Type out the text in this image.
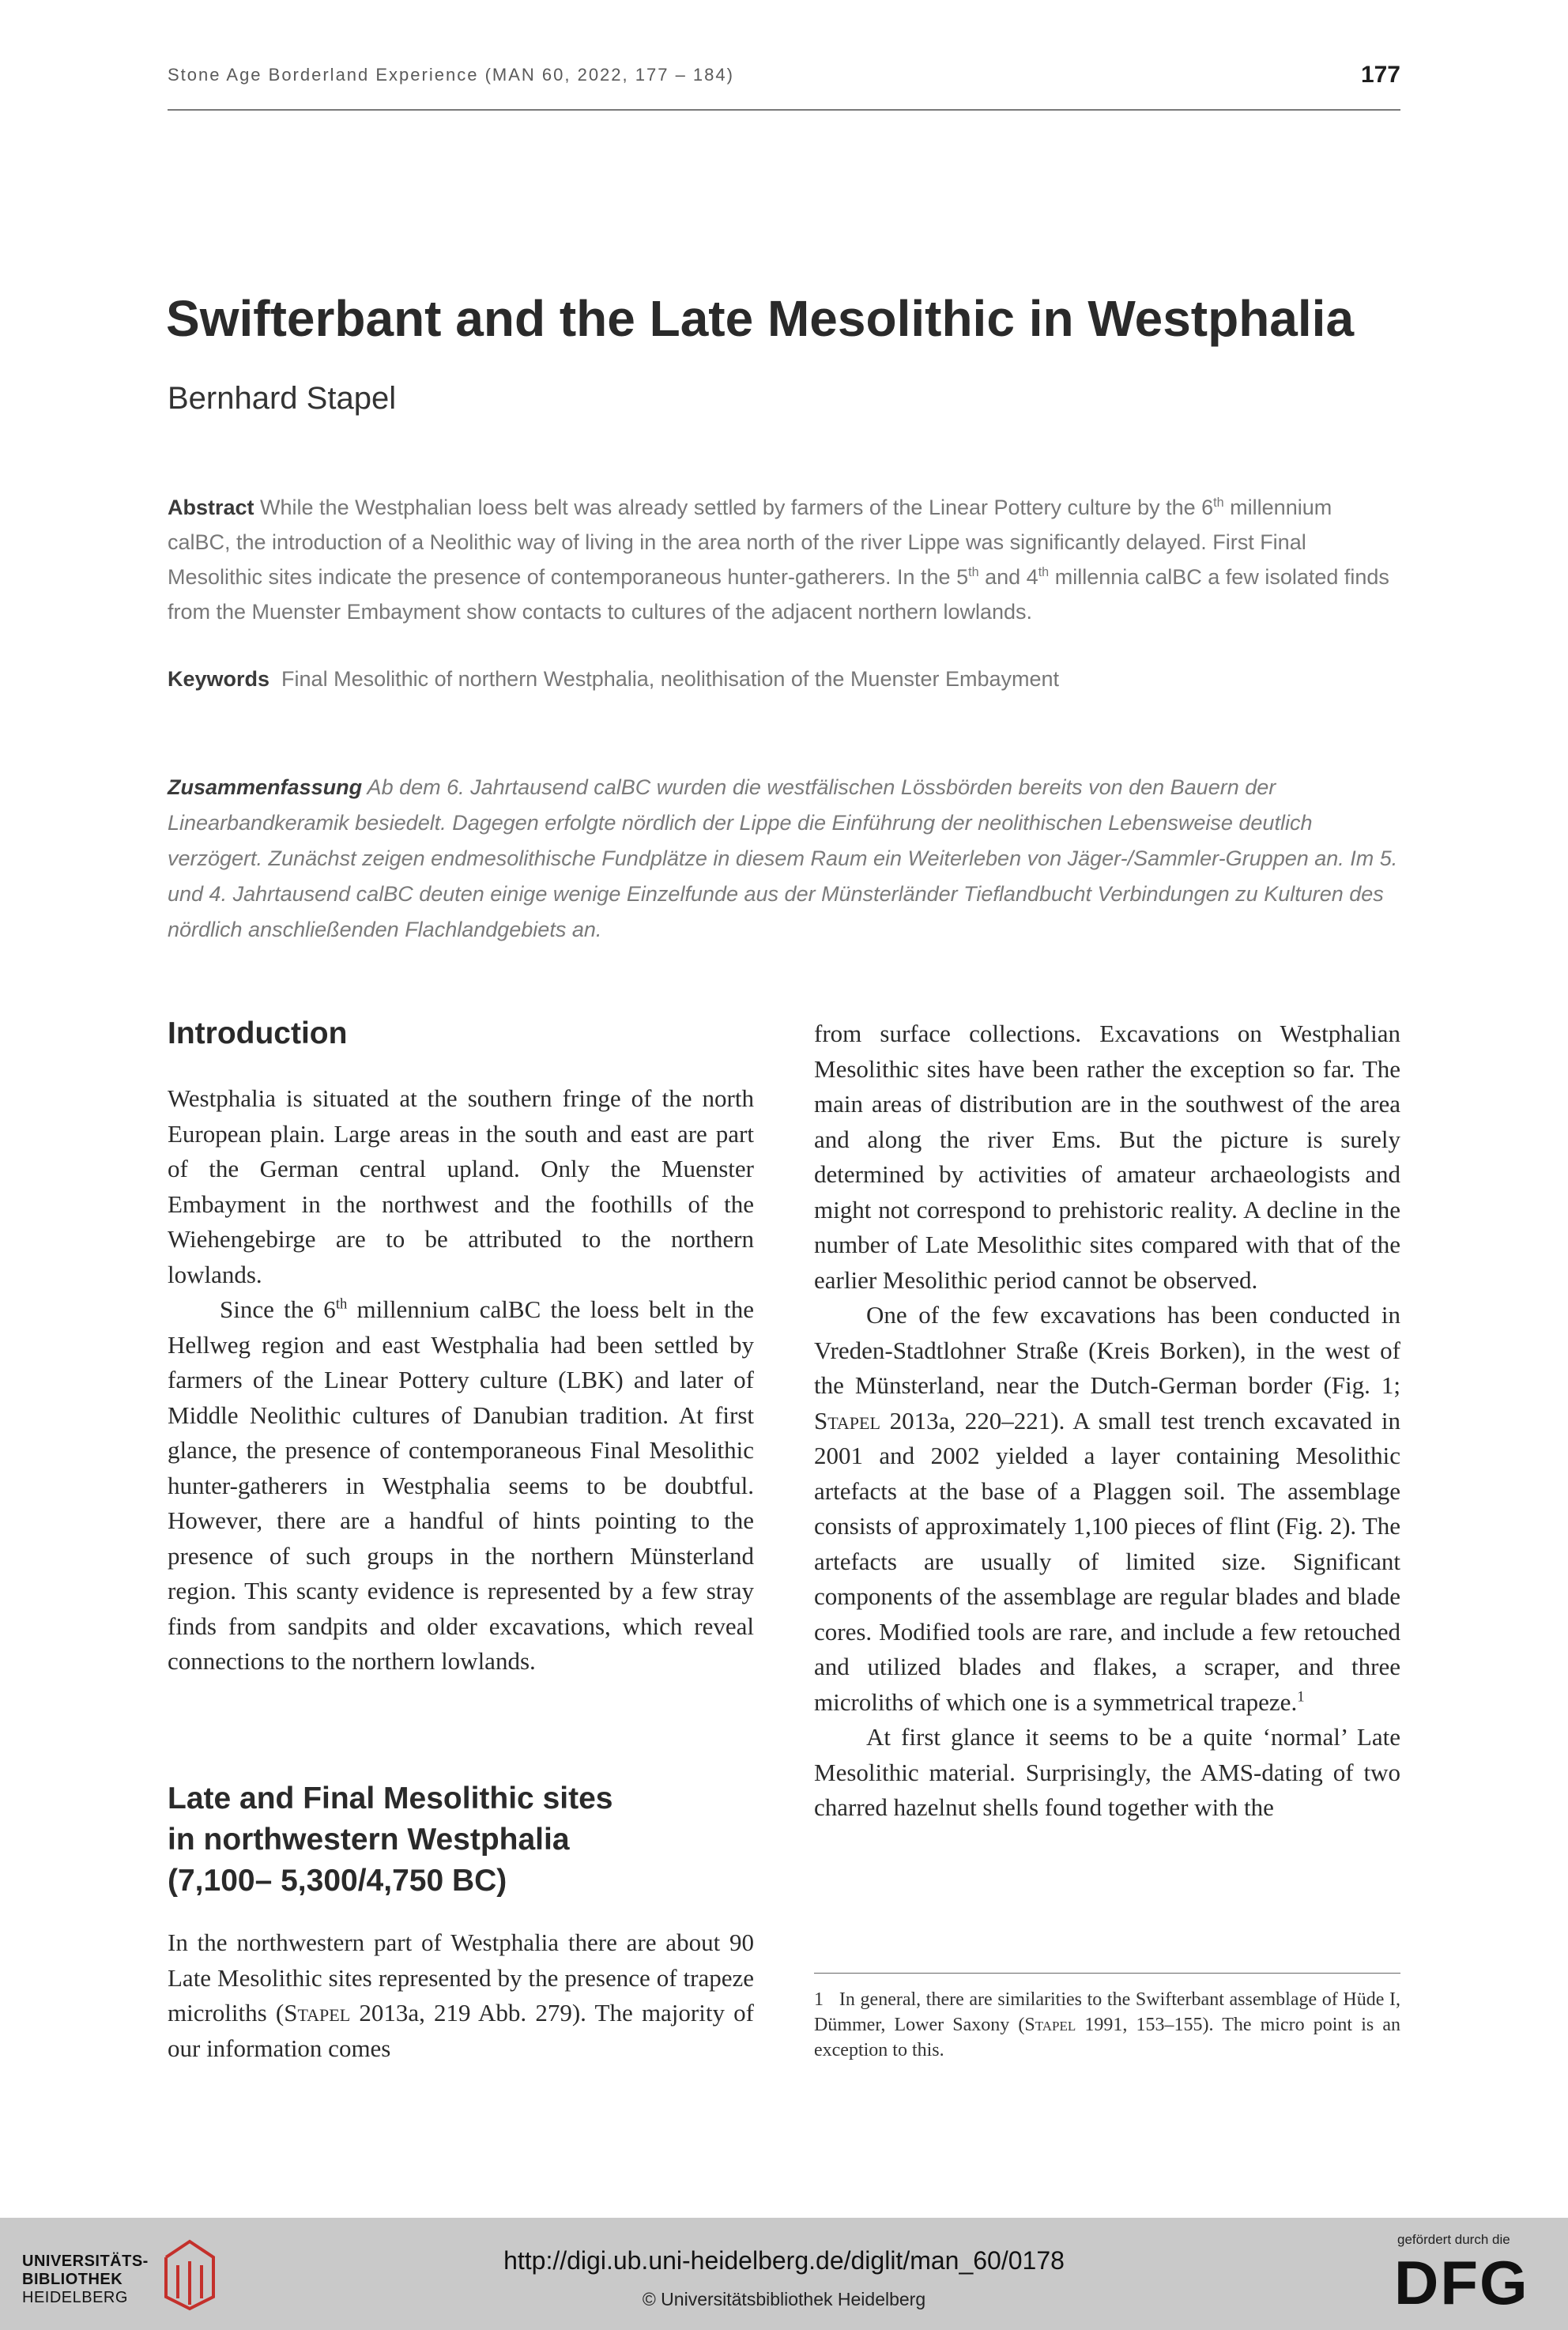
Stone Age Borderland Experience (MAN 60, 2022, 177 – 184)	177
Swifterbant and the Late Mesolithic in Westphalia
Bernhard Stapel
Abstract While the Westphalian loess belt was already settled by farmers of the Linear Pottery culture by the 6th millennium calBC, the introduction of a Neolithic way of living in the area north of the river Lippe was significantly delayed. First Final Mesolithic sites indicate the presence of contemporaneous hunter-gatherers. In the 5th and 4th millennia calBC a few isolated finds from the Muenster Embayment show contacts to cultures of the adjacent northern lowlands.
Keywords  Final Mesolithic of northern Westphalia, neolithisation of the Muenster Embayment
Zusammenfassung Ab dem 6. Jahrtausend calBC wurden die westfälischen Lössbörden bereits von den Bauern der Linearbandkeramik besiedelt. Dagegen erfolgte nördlich der Lippe die Einführung der neolithischen Lebensweise deutlich verzögert. Zunächst zeigen endmesolithische Fundplätze in diesem Raum ein Weiterleben von Jäger-/Sammler-Gruppen an. Im 5. und 4. Jahrtausend calBC deuten einige wenige Einzelfunde aus der Münsterländer Tieflandbucht Verbindungen zu Kulturen des nördlich anschließenden Flachlandgebiets an.
Introduction

Westphalia is situated at the southern fringe of the north European plain. Large areas in the south and east are part of the German central upland. Only the Muenster Embayment in the northwest and the foothills of the Wiehengebirge are to be attributed to the northern lowlands.

Since the 6th millennium calBC the loess belt in the Hellweg region and east Westphalia had been settled by farmers of the Linear Pottery culture (LBK) and later of Middle Neolithic cultures of Danubian tradition. At first glance, the presence of contemporaneous Final Mesolithic hunter-gatherers in Westphalia seems to be doubtful. However, there are a handful of hints pointing to the presence of such groups in the northern Münsterland region. This scanty evidence is represented by a few stray finds from sandpits and older excavations, which reveal connections to the northern lowlands.

Late and Final Mesolithic sites
in northwestern Westphalia
(7,100– 5,300/4,750 BC)

In the northwestern part of Westphalia there are about 90 Late Mesolithic sites represented by the presence of trapeze microliths (Stapel 2013a, 219 Abb. 279). The majority of our information comes

from surface collections. Excavations on Westphalian Mesolithic sites have been rather the exception so far. The main areas of distribution are in the southwest of the area and along the river Ems. But the picture is surely determined by activities of amateur archaeologists and might not correspond to prehistoric reality. A decline in the number of Late Mesolithic sites compared with that of the earlier Mesolithic period cannot be observed.

One of the few excavations has been conducted in Vreden-Stadtlohner Straße (Kreis Borken), in the west of the Münsterland, near the Dutch-German border (Fig. 1; Stapel 2013a, 220–221). A small test trench excavated in 2001 and 2002 yielded a layer containing Mesolithic artefacts at the base of a Plaggen soil. The assemblage consists of approximately 1,100 pieces of flint (Fig. 2). The artefacts are usually of limited size. Significant components of the assemblage are regular blades and blade cores. Modified tools are rare, and include a few retouched and utilized blades and flakes, a scraper, and three microliths of which one is a symmetrical trapeze.$^1$

At first glance it seems to be a quite ‘normal’ Late Mesolithic material. Surprisingly, the AMS-dating of two charred hazelnut shells found together with the

1   In general, there are similarities to the Swifterbant assemblage of Hüde I, Dümmer, Lower Saxony (Stapel 1991, 153–155). The micro point is an exception to this.
UNIVERSITÄTS-
BIBLIOTHEK
HEIDELBERG
http://digi.ub.uni-heidelberg.de/diglit/man_60/0178
© Universitätsbibliothek Heidelberg
gefördert durch die
DFG
